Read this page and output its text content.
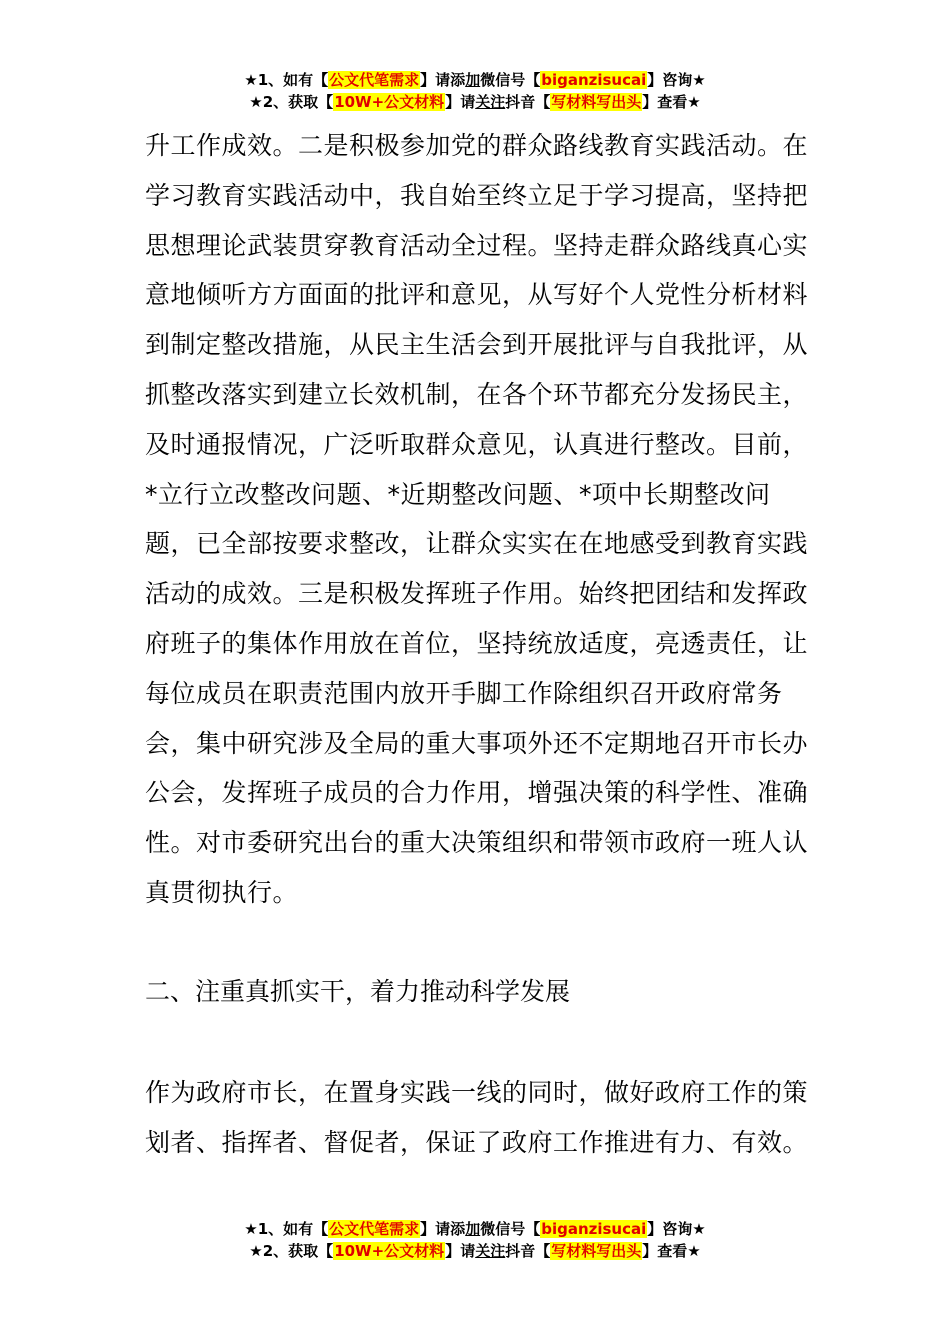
★1、如有【公文代笔需求】请添加微信号【biganzisucai】咨询★
★2、获取【10W+公文材料】请关注抖音【写材料写出头】查看★

升工作成效。二是积极参加党的群众路线教育实践活动。在学习教育实践活动中，我自始至终立足于学习提高，坚持把思想理论武装贯穿教育活动全过程。坚持走群众路线真心实意地倾听方方面面的批评和意见，从写好个人党性分析材料到制定整改措施，从民主生活会到开展批评与自我批评，从抓整改落实到建立长效机制，在各个环节都充分发扬民主，及时通报情况，广泛听取群众意见，认真进行整改。目前，*立行立改整改问题、*近期整改问题、*项中长期整改问题，已全部按要求整改，让群众实实在在地感受到教育实践活动的成效。三是积极发挥班子作用。始终把团结和发挥政府班子的集体作用放在首位，坚持统放适度，亮透责任，让每位成员在职责范围内放开手脚工作除组织召开政府常务会，集中研究涉及全局的重大事项外还不定期地召开市长办公会，发挥班子成员的合力作用，增强决策的科学性、准确性。对市委研究出台的重大决策组织和带领市政府一班人认真贯彻执行。

二、注重真抓实干，着力推动科学发展

作为政府市长，在置身实践一线的同时，做好政府工作的策划者、指挥者、督促者，保证了政府工作推进有力、有效。

★1、如有【公文代笔需求】请添加微信号【biganzisucai】咨询★
★2、获取【10W+公文材料】请关注抖音【写材料写出头】查看★
